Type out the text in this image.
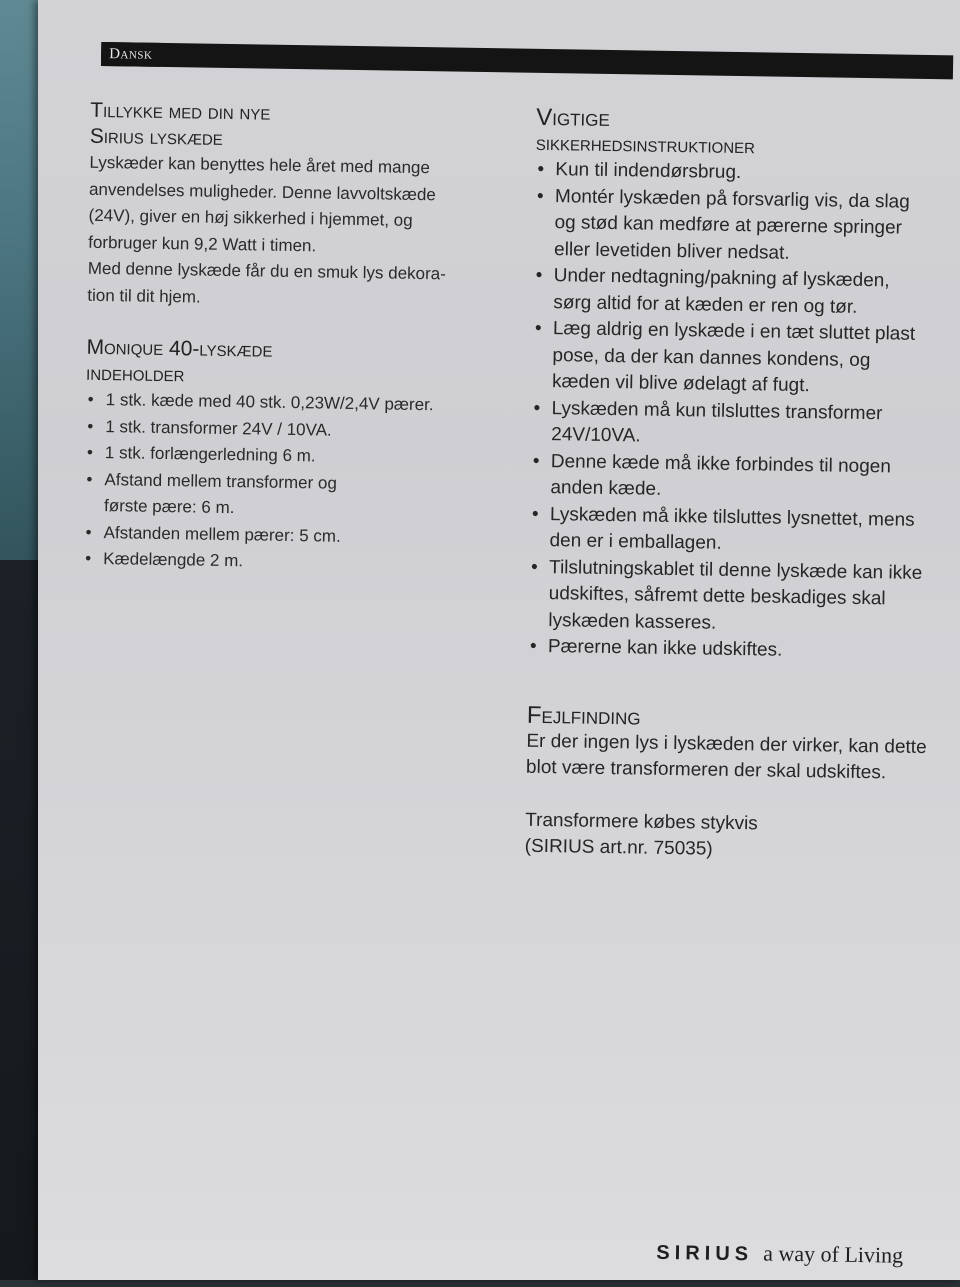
Dansk
Tillykke med din nye
Sirius lyskæde
Lyskæder kan benyttes hele året med mange
anvendelses muligheder. Denne lavvoltskæde
(24V), giver en høj sikkerhed i hjemmet, og
forbruger kun 9,2 Watt i timen.
Med denne lyskæde får du en smuk lys dekora-
tion til dit hjem.
Monique 40-lyskæde
indeholder
• 1 stk. kæde med 40 stk. 0,23W/2,4V pærer.
• 1 stk. transformer 24V / 10VA.
• 1 stk. forlængerledning 6 m.
• Afstand mellem transformer og
første pære: 6 m.
• Afstanden mellem pærer: 5 cm.
• Kædelængde 2 m.
Vigtige
sikkerhedsinstruktioner
• Kun til indendørsbrug.
• Montér lyskæden på forsvarlig vis, da slag
og stød kan medføre at pærerne springer
eller levetiden bliver nedsat.
• Under nedtagning/pakning af lyskæden,
sørg altid for at kæden er ren og tør.
• Læg aldrig en lyskæde i en tæt sluttet plast
pose, da der kan dannes kondens, og
kæden vil blive ødelagt af fugt.
• Lyskæden må kun tilsluttes transformer
24V/10VA.
• Denne kæde må ikke forbindes til nogen
anden kæde.
• Lyskæden må ikke tilsluttes lysnettet, mens
den er i emballagen.
• Tilslutningskablet til denne lyskæde kan ikke
udskiftes, såfremt dette beskadiges skal
lyskæden kasseres.
• Pærerne kan ikke udskiftes.
Fejlfinding
Er der ingen lys i lyskæden der virker, kan dette
blot være transformeren der skal udskiftes.
Transformere købes stykvis
(SIRIUS art.nr. 75035)
SIRIUS a way of Living
